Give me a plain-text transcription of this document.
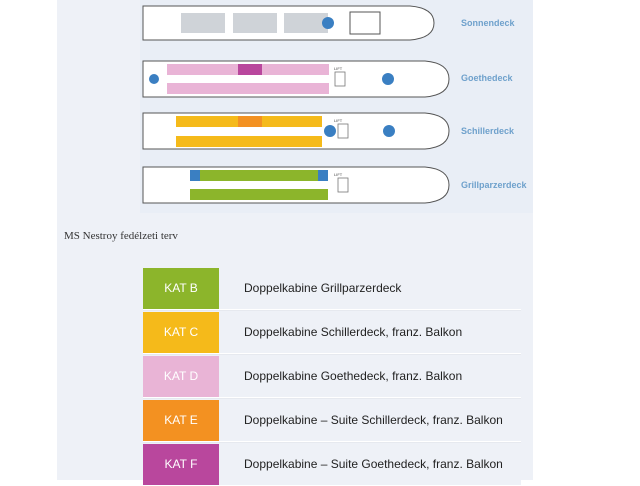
Sonnendeck
LIFT
Goethedeck
LIFT
Schillerdeck
LIFT
Grillparzerdeck
MS Nestroy fedélzeti terv
KAT B	Doppelkabine Grillparzerdeck
KAT C	Doppelkabine Schillerdeck, franz. Balkon
KAT D	Doppelkabine Goethedeck, franz. Balkon
KAT E	Doppelkabine – Suite Schillerdeck, franz. Balkon
KAT F	Doppelkabine – Suite Goethedeck, franz. Balkon
